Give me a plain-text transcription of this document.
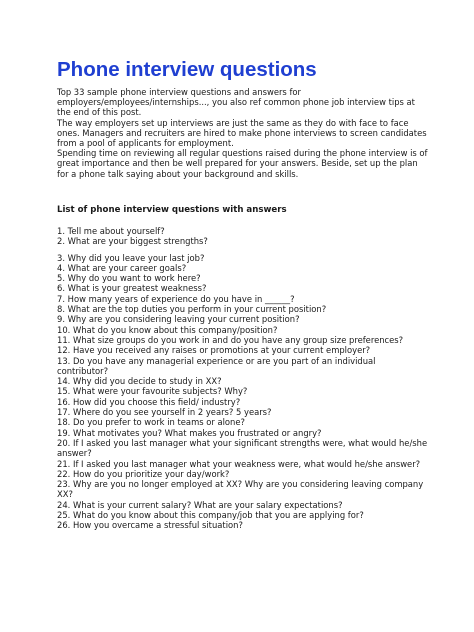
Phone interview questions

Top 33 sample phone interview questions and answers for employers/employees/internships..., you also ref common phone job interview tips at the end of this post.

The way employers set up interviews are just the same as they do with face to face ones. Managers and recruiters are hired to make phone interviews to screen candidates from a pool of applicants for employment.

Spending time on reviewing all regular questions raised during the phone interview is of great importance and then be well prepared for your answers. Beside, set up the plan for a phone talk saying about your background and skills.

List of phone interview questions with answers
1. Tell me about yourself?
2. What are your biggest strengths?
3. Why did you leave your last job?
4. What are your career goals?
5. Why do you want to work here?
6. What is your greatest weakness?
7. How many years of experience do you have in ______?
8. What are the top duties you perform in your current position?
9. Why are you considering leaving your current position?
10. What do you know about this company/position?
11. What size groups do you work in and do you have any group size preferences?
12. Have you received any raises or promotions at your current employer?
13. Do you have any managerial experience or are you part of an individual contributor?
14. Why did you decide to study in XX?
15. What were your favourite subjects? Why?
16. How did you choose this field/ industry?
17. Where do you see yourself in 2 years? 5 years?
18. Do you prefer to work in teams or alone?
19. What motivates you? What makes you frustrated or angry?
20. If I asked you last manager what your significant strengths were, what would he/she answer?
21. If I asked you last manager what your weakness were, what would he/she answer?
22. How do you prioritize your day/work?
23. Why are you no longer employed at XX? Why are you considering leaving company XX?
24. What is your current salary? What are your salary expectations?
25. What do you know about this company/job that you are applying for?
26. How you overcame a stressful situation?
